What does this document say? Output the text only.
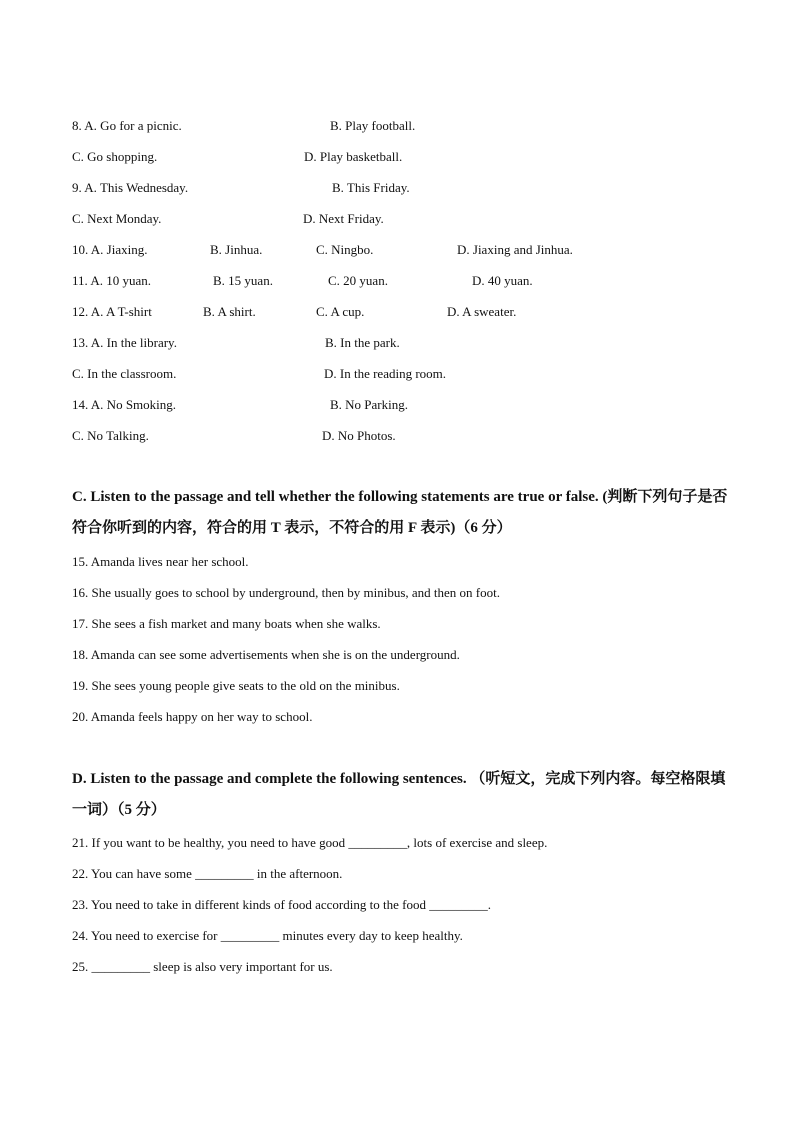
8. A. Go for a picnic.	B. Play football.
C. Go shopping.	D. Play basketball.
9. A. This Wednesday.	B. This Friday.
C. Next Monday.	D. Next Friday.
10. A. Jiaxing.	B. Jinhua.	C. Ningbo.	D. Jiaxing and Jinhua.
11. A. 10 yuan.	B. 15 yuan.	C. 20 yuan.	D. 40 yuan.
12. A. A T-shirt	B. A shirt.	C. A cup.	D. A sweater.
13. A. In the library.	B. In the park.
C. In the classroom.	D. In the reading room.
14. A. No Smoking.	B. No Parking.
C. No Talking.	D. No Photos.
C. Listen to the passage and tell whether the following statements are true or false. (判断下列句子是否符合你听到的内容，符合的用 T 表示，不符合的用 F 表示)（6 分）
15. Amanda lives near her school.
16. She usually goes to school by underground, then by minibus, and then on foot.
17. She sees a fish market and many boats when she walks.
18. Amanda can see some advertisements when she is on the underground.
19. She sees young people give seats to the old on the minibus.
20. Amanda feels happy on her way to school.
D. Listen to the passage and complete the following sentences. （听短文，完成下列内容。每空格限填一词）（5 分）
21. If you want to be healthy, you need to have good _________, lots of exercise and sleep.
22. You can have some _________ in the afternoon.
23. You need to take in different kinds of food according to the food _________.
24. You need to exercise for _________ minutes every day to keep healthy.
25. _________ sleep is also very important for us.
